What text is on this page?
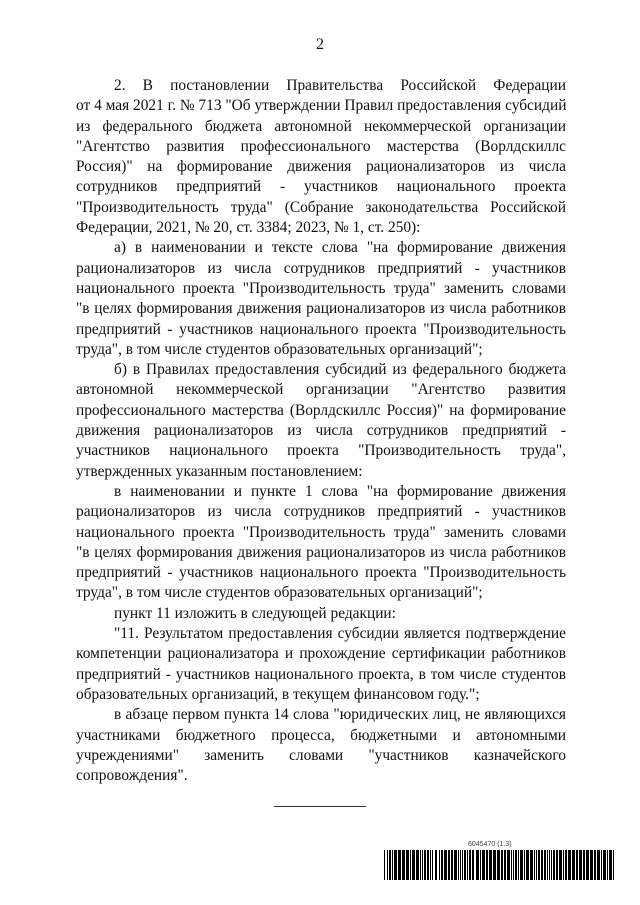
2
2. В постановлении Правительства Российской Федерации
от 4 мая 2021 г. № 713 "Об утверждении Правил предоставления субсидий
из федерального бюджета автономной некоммерческой организации
"Агентство развития профессионального мастерства (Ворлдскиллс
Россия)" на формирование движения рационализаторов из числа
сотрудников предприятий - участников национального проекта
"Производительность труда" (Собрание законодательства Российской
Федерации, 2021, № 20, ст. 3384; 2023, № 1, ст. 250):
а) в наименовании и тексте слова "на формирование движения
рационализаторов из числа сотрудников предприятий - участников
национального проекта "Производительность труда" заменить словами
"в целях формирования движения рационализаторов из числа работников
предприятий - участников национального проекта "Производительность
труда", в том числе студентов образовательных организаций";
б) в Правилах предоставления субсидий из федерального бюджета
автономной некоммерческой организации "Агентство развития
профессионального мастерства (Ворлдскиллс Россия)" на формирование
движения рационализаторов из числа сотрудников предприятий -
участников национального проекта "Производительность труда",
утвержденных указанным постановлением:
в наименовании и пункте 1 слова "на формирование движения
рационализаторов из числа сотрудников предприятий - участников
национального проекта "Производительность труда" заменить словами
"в целях формирования движения рационализаторов из числа работников
предприятий - участников национального проекта "Производительность
труда", в том числе студентов образовательных организаций";
пункт 11 изложить в следующей редакции:
"11. Результатом предоставления субсидии является подтверждение
компетенции рационализатора и прохождение сертификации работников
предприятий - участников национального проекта, в том числе студентов
образовательных организаций, в текущем финансовом году.";
в абзаце первом пункта 14 слова "юридических лиц, не являющихся
участниками бюджетного процесса, бюджетными и автономными
учреждениями" заменить словами "участников казначейского
сопровождения".
6045470 (1.3)
